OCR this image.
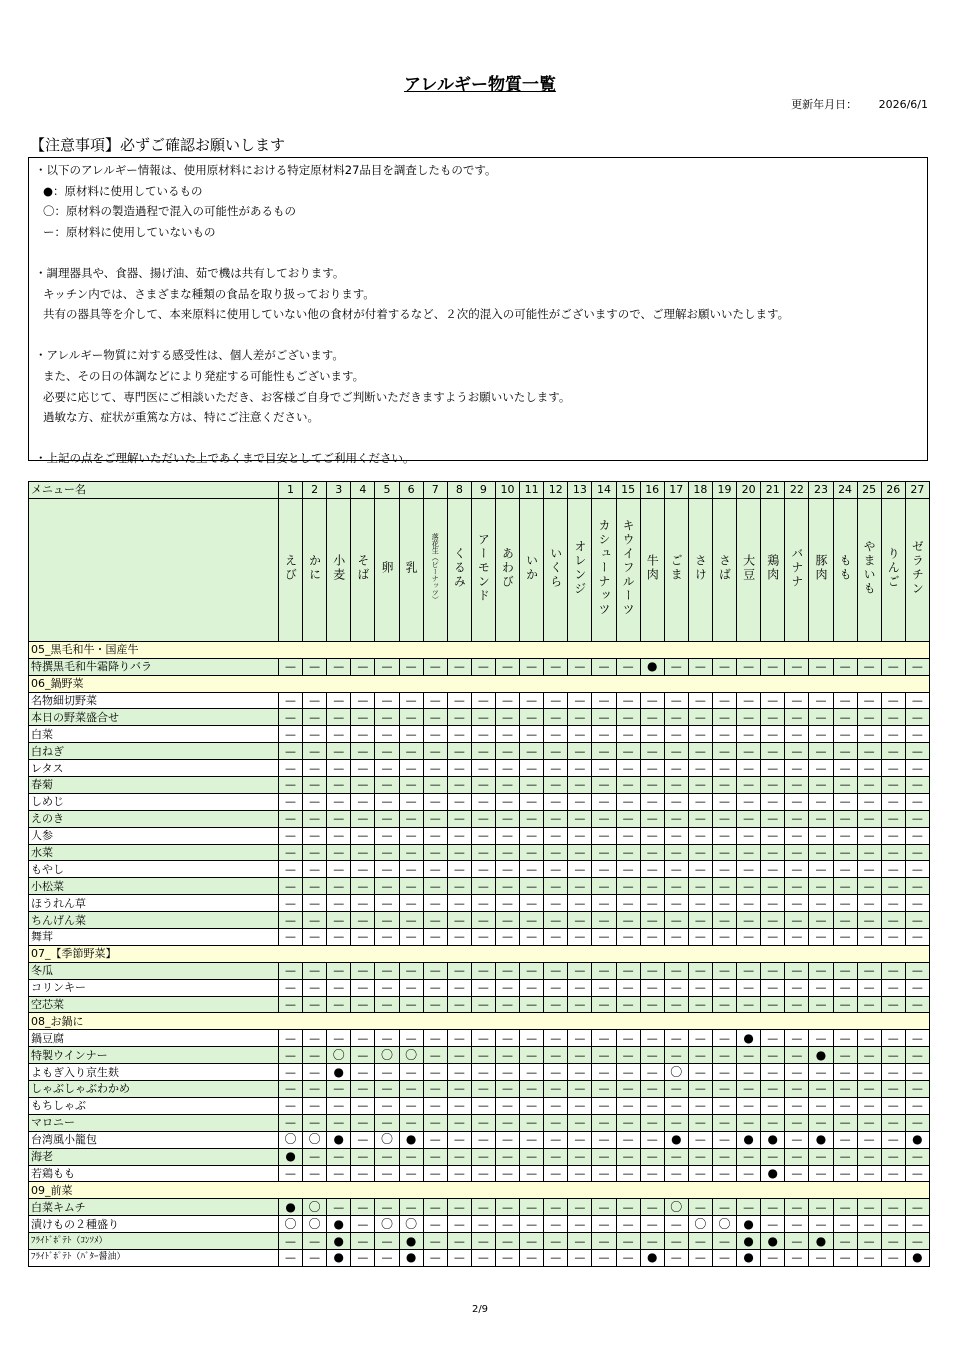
アレルギー物質一覧
更新年月日： 2026/6/1
【注意事項】必ずご確認お願いします
・以下のアレルギー情報は、使用原材料における特定原材料27品目を調査したものです。
●：原材料に使用しているもの
〇：原材料の製造過程で混入の可能性があるもの
ー：原材料に使用していないもの

・調理器具や、食器、揚げ油、茹で機は共有しております。
キッチン内では、さまざまな種類の食品を取り扱っております。
共有の器具等を介して、本来原料に使用していない他の食材が付着するなど、２次的混入の可能性がございますので、ご理解お願いいたします。

・アレルギー物質に対する感受性は、個人差がございます。
また、その日の体調などにより発症する可能性もございます。
必要に応じて、専門医にご相談いただき、お客様ご自身でご判断いただきますようお願いいたします。
過敏な方、症状が重篤な方は、特にご注意ください。

・上記の点をご理解いただいた上であくまで目安としてご利用ください。
メニュー名	1	2	3	4	5	6	7	8	9	10	11	12	13	14	15	16	17	18	19	20	21	22	23	24	25	26	27
	えび	かに	小麦	そば	卵	乳	落花生（ピーナッツ）	くるみ	アーモンド	あわび	いか	いくら	オレンジ	カシューナッツ	キウイフルーツ	牛肉	ごま	さけ	さば	大豆	鶏肉	バナナ	豚肉	もも	やまいも	りんご	ゼラチン
05_黒毛和牛・国産牛																											
特撰黒毛和牛霜降りバラ	—	—	—	—	—	—	—	—	—	—	—	—	—	—	—	●	—	—	—	—	—	—	—	—	—	—	—
06_鍋野菜																											
名物細切野菜	—	—	—	—	—	—	—	—	—	—	—	—	—	—	—	—	—	—	—	—	—	—	—	—	—	—	—
本日の野菜盛合せ	—	—	—	—	—	—	—	—	—	—	—	—	—	—	—	—	—	—	—	—	—	—	—	—	—	—	—
白菜	—	—	—	—	—	—	—	—	—	—	—	—	—	—	—	—	—	—	—	—	—	—	—	—	—	—	—
白ねぎ	—	—	—	—	—	—	—	—	—	—	—	—	—	—	—	—	—	—	—	—	—	—	—	—	—	—	—
レタス	—	—	—	—	—	—	—	—	—	—	—	—	—	—	—	—	—	—	—	—	—	—	—	—	—	—	—
春菊	—	—	—	—	—	—	—	—	—	—	—	—	—	—	—	—	—	—	—	—	—	—	—	—	—	—	—
しめじ	—	—	—	—	—	—	—	—	—	—	—	—	—	—	—	—	—	—	—	—	—	—	—	—	—	—	—
えのき	—	—	—	—	—	—	—	—	—	—	—	—	—	—	—	—	—	—	—	—	—	—	—	—	—	—	—
人参	—	—	—	—	—	—	—	—	—	—	—	—	—	—	—	—	—	—	—	—	—	—	—	—	—	—	—
水菜	—	—	—	—	—	—	—	—	—	—	—	—	—	—	—	—	—	—	—	—	—	—	—	—	—	—	—
もやし	—	—	—	—	—	—	—	—	—	—	—	—	—	—	—	—	—	—	—	—	—	—	—	—	—	—	—
小松菜	—	—	—	—	—	—	—	—	—	—	—	—	—	—	—	—	—	—	—	—	—	—	—	—	—	—	—
ほうれん草	—	—	—	—	—	—	—	—	—	—	—	—	—	—	—	—	—	—	—	—	—	—	—	—	—	—	—
ちんげん菜	—	—	—	—	—	—	—	—	—	—	—	—	—	—	—	—	—	—	—	—	—	—	—	—	—	—	—
舞茸	—	—	—	—	—	—	—	—	—	—	—	—	—	—	—	—	—	—	—	—	—	—	—	—	—	—	—
07_【季節野菜】																											
冬瓜	—	—	—	—	—	—	—	—	—	—	—	—	—	—	—	—	—	—	—	—	—	—	—	—	—	—	—
コリンキー	—	—	—	—	—	—	—	—	—	—	—	—	—	—	—	—	—	—	—	—	—	—	—	—	—	—	—
空芯菜	—	—	—	—	—	—	—	—	—	—	—	—	—	—	—	—	—	—	—	—	—	—	—	—	—	—	—
08_お鍋に																											
鍋豆腐	—	—	—	—	—	—	—	—	—	—	—	—	—	—	—	—	—	—	—	●	—	—	—	—	—	—	—
特製ウインナー	—	—	〇	—	〇	〇	—	—	—	—	—	—	—	—	—	—	—	—	—	—	—	—	●	—	—	—	—
よもぎ入り京生麸	—	—	●	—	—	—	—	—	—	—	—	—	—	—	—	—	〇	—	—	—	—	—	—	—	—	—	—
しゃぶしゃぶわかめ	—	—	—	—	—	—	—	—	—	—	—	—	—	—	—	—	—	—	—	—	—	—	—	—	—	—	—
もちしゃぶ	—	—	—	—	—	—	—	—	—	—	—	—	—	—	—	—	—	—	—	—	—	—	—	—	—	—	—
マロニー	—	—	—	—	—	—	—	—	—	—	—	—	—	—	—	—	—	—	—	—	—	—	—	—	—	—	—
台湾風小籠包	〇	〇	●	—	〇	●	—	—	—	—	—	—	—	—	—	—	●	—	—	●	●	—	●	—	—	—	●
海老	●	—	—	—	—	—	—	—	—	—	—	—	—	—	—	—	—	—	—	—	—	—	—	—	—	—	—
若鶏もも	—	—	—	—	—	—	—	—	—	—	—	—	—	—	—	—	—	—	—	—	●	—	—	—	—	—	—
09_前菜																											
白菜キムチ	●	〇	—	—	—	—	—	—	—	—	—	—	—	—	—	—	〇	—	—	—	—	—	—	—	—	—	—
漬けもの２種盛り	〇	〇	●	—	〇	〇	—	—	—	—	—	—	—	—	—	—	—	〇	〇	●	—	—	—	—	—	—	—
ﾌﾗｲﾄﾞﾎﾟﾃﾄ（ｺﾝｿﾒ）	—	—	●	—	—	●	—	—	—	—	—	—	—	—	—	—	—	—	—	●	●	—	●	—	—	—	—
ﾌﾗｲﾄﾞﾎﾟﾃﾄ（ﾊﾞﾀｰ醤油）	—	—	●	—	—	●	—	—	—	—	—	—	—	—	—	●	—	—	—	●	—	—	—	—	—	—	●
2/9
